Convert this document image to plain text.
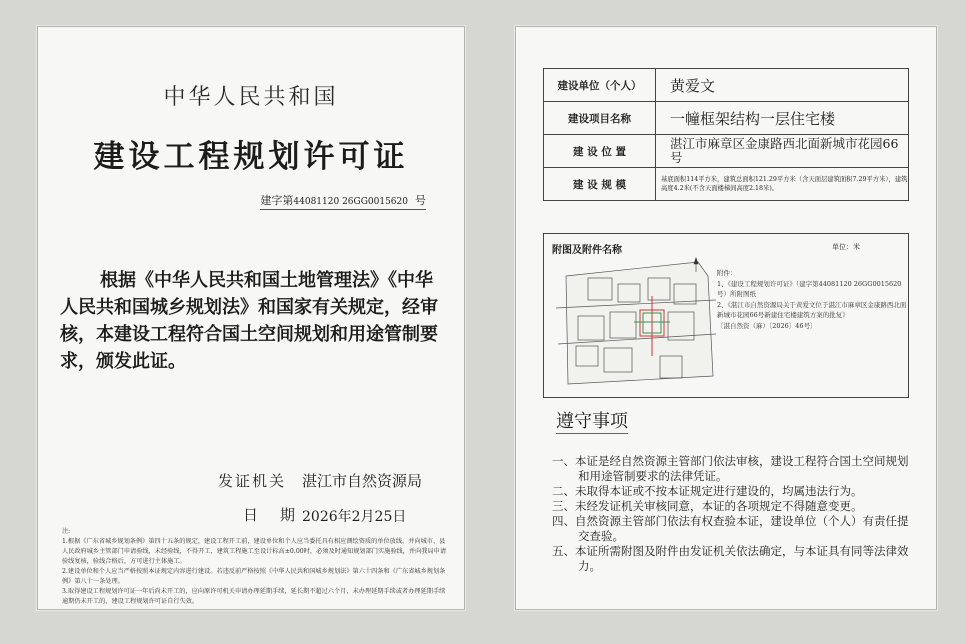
中华人民共和国
建设工程规划许可证
建字第44081120 26GG0015620 号
根据《中华人民共和国土地管理法》《中华人民共和国城乡规划法》和国家有关规定，经审核，本建设工程符合国土空间规划和用途管制要求，颁发此证。
发证机关 湛江市自然资源局
日期
2026年2月25日
注:
1.根据《广东省城乡规划条例》第四十五条的规定，建设工程开工前，建设单位和个人应当委托具有相应测绘资质的单位放线，并向城市、县人民政府城乡主管部门申请验线，未经验线，不得开工，建筑工程施工至设计标高±0.00时，必须及时通知规划部门实施验线，并向我局申请验线复核，验线合格后，方可进行主体施工。
2.建设单位和个人应当严格按照本证规定内容进行建设。若违反前严格按照《中华人民共和国城乡规划法》第六十四条和《广东省城乡规划条例》第八十一条处理。
3.取得建设工程规划许可证一年后尚未开工的，应向原许可机关申请办理延期手续，延长期不超过六个月，未办理延期手续或者办理延期手续逾期仍未开工的，建设工程规划许可证自行失效。
建设单位（个人）	黄爱文
建设项目名称	一幢框架结构一层住宅楼
建 设 位 置	湛江市麻章区金康路西北面新城市花园66号
建 设 规 模	基底面积114平方米，建筑总面积121.29平方米（含天面层建筑面积7.29平方米），建筑高度4.2米(不含天面楼梯间高度2.18米)。
附图及附件名称	单位：米
附件：
1、《建设工程规划许可证》（建字第44081120 26GG0015620号）所附图纸
2、《湛江市自然资源局关于黄爱文位于湛江市麻章区金康路西北面新城市花园66号新建住宅楼建筑方案的批复》
〔湛自然资（麻）〔2026〕46号〕
遵守事项
一、本证是经自然资源主管部门依法审核，建设工程符合国土空间规划和用途管制要求的法律凭证。
二、未取得本证或不按本证规定进行建设的，均属违法行为。
三、未经发证机关审核同意，本证的各项规定不得随意变更。
四、自然资源主管部门依法有权查验本证，建设单位（个人）有责任提交查验。
五、本证所需附图及附件由发证机关依法确定，与本证具有同等法律效力。
